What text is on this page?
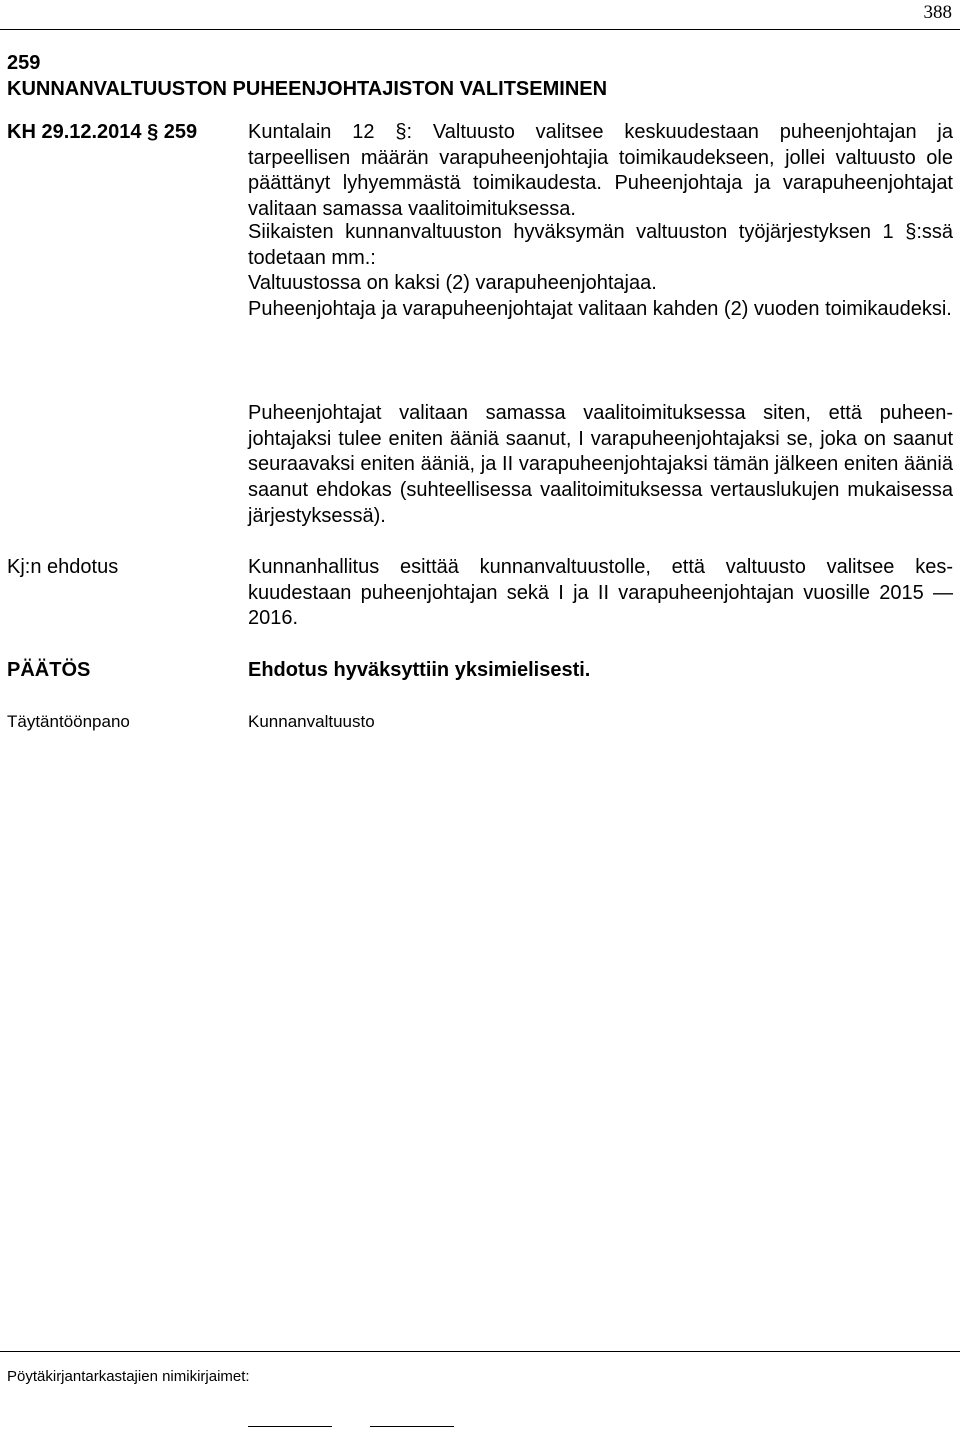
388
259
KUNNANVALTUUSTON PUHEENJOHTAJISTON VALITSEMINEN
KH 29.12.2014 § 259	Kuntalain 12 §: Valtuusto valitsee keskuudestaan puheenjohtajan ja tarpeellisen määrän varapuheenjohtajia toimikaudekseen, jollei valtuusto ole päättänyt lyhyemmästä toimikaudesta. Puheenjohtaja ja varapuheenjohtajat valitaan samassa vaalitoimituksessa.

Siikaisten kunnanvaltuuston hyväksymän valtuuston työjärjestyksen 1 §:ssä todetaan mm.:

Valtuustossa on kaksi (2) varapuheenjohtajaa.

Puheenjohtaja ja varapuheenjohtajat valitaan kahden (2) vuoden toimikaudeksi.

Puheenjohtajat valitaan samassa vaalitoimituksessa siten, että puheenjohtajaksi tulee eniten ääniä saanut, I varapuheenjohtajaksi se, joka on saanut seuraavaksi eniten ääniä, ja II varapuheenjohtajaksi tämän jälkeen eniten ääniä saanut ehdokas (suhteellisessa vaalitoimituksessa vertauslukujen mukaisessa järjestyksessä).

Kj:n ehdotus	Kunnanhallitus esittää kunnanvaltuustolle, että valtuusto valitsee keskuudestaan puheenjohtajan sekä I ja II varapuheenjohtajan vuosille 2015 — 2016.

PÄÄTÖS	Ehdotus hyväksyttiin yksimielisesti.

Täytäntöönpano	Kunnanvaltuusto

Pöytäkirjantarkastajien nimikirjaimet:
